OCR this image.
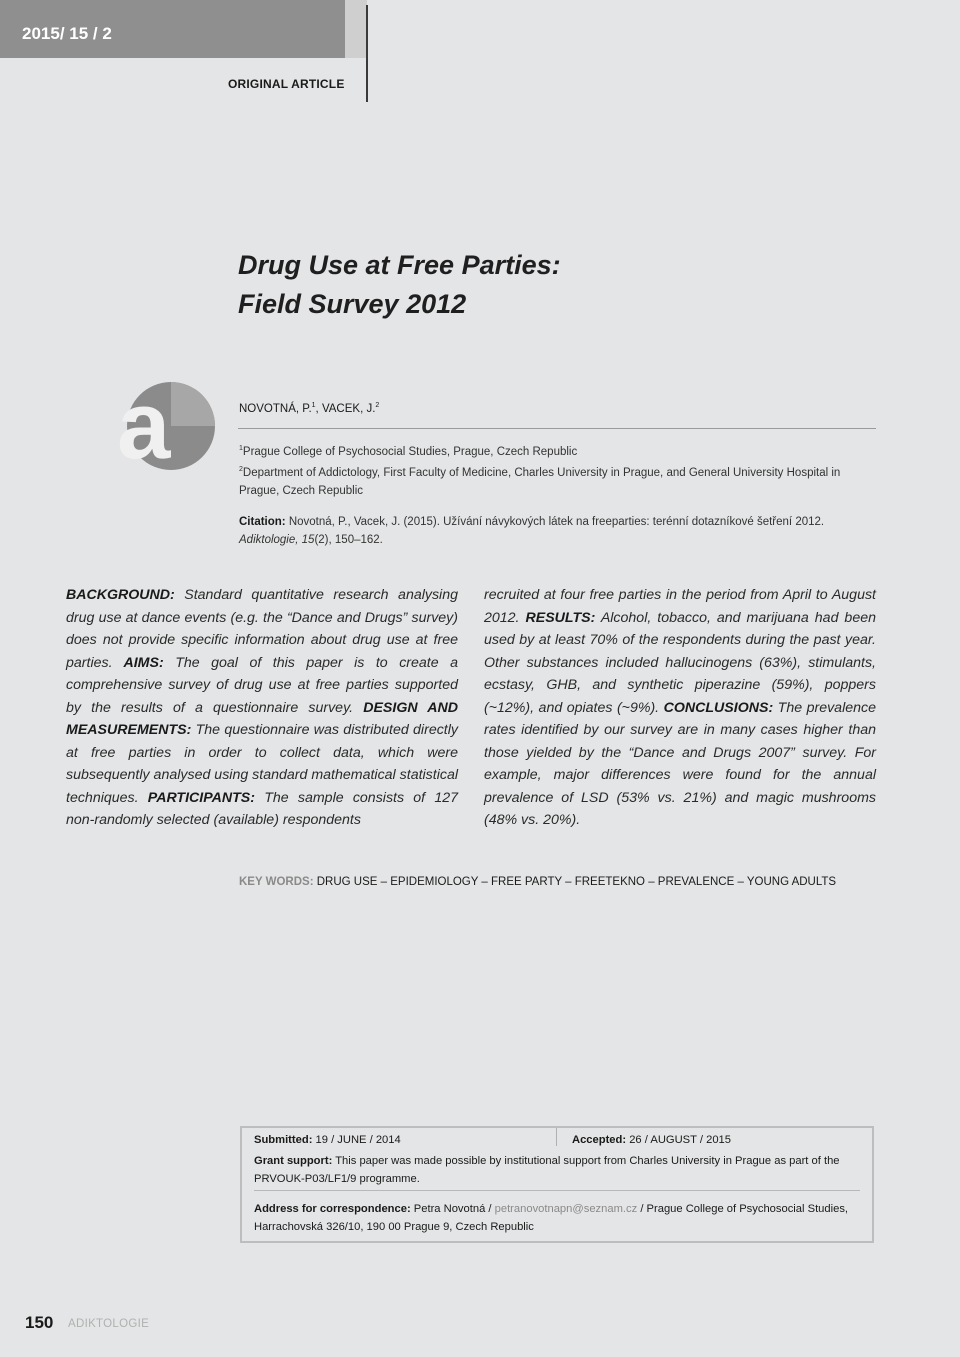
2015/ 15 / 2
ORIGINAL ARTICLE
Drug Use at Free Parties:
Field Survey 2012
a	NOVOTNÁ, P.$^1$, VACEK, J.$^2$
$^1$Prague College of Psychosocial Studies, Prague, Czech Republic
$^2$Department of Addictology, First Faculty of Medicine, Charles University in Prague, and General University Hospital in Prague, Czech Republic
Citation: Novotná, P., Vacek, J. (2015). Užívání návykových látek na freeparties: terénní dotazníkové šetření 2012.
Adiktologie, 15(2), 150–162.
BACKGROUND: Standard quantitative research analysing drug use at dance events (e.g. the “Dance and Drugs” survey) does not provide specific information about drug use at free parties. AIMS: The goal of this paper is to create a comprehensive survey of drug use at free parties supported by the results of a questionnaire survey. DESIGN AND MEASUREMENTS: The questionnaire was distributed directly at free parties in order to collect data, which were subsequently analysed using standard mathematical statistical techniques. PARTICIPANTS: The sample consists of 127 non-randomly selected (available) respondents
recruited at four free parties in the period from April to August 2012. RESULTS: Alcohol, tobacco, and marijuana had been used by at least 70% of the respondents during the past year. Other substances included hallucinogens (63%), stimulants, ecstasy, GHB, and synthetic piperazine (59%), poppers (~12%), and opiates (~9%). CONCLUSIONS: The prevalence rates identified by our survey are in many cases higher than those yielded by the “Dance and Drugs 2007” survey. For example, major differences were found for the annual prevalence of LSD (53% vs. 21%) and magic mushrooms (48% vs. 20%).
KEY WORDS: DRUG USE – EPIDEMIOLOGY – FREE PARTY – FREETEKNO – PREVALENCE – YOUNG ADULTS
Submitted: 19 / JUNE / 2014	Accepted: 26 / AUGUST / 2015
Grant support: This paper was made possible by institutional support from Charles University in Prague as part of the PRVOUK-P03/LF1/9 programme.
Address for correspondence: Petra Novotná / petranovotnapn@seznam.cz / Prague College of Psychosocial Studies, Harrachovská 326/10, 190 00 Prague 9, Czech Republic
150 ADIKTOLOGIE
